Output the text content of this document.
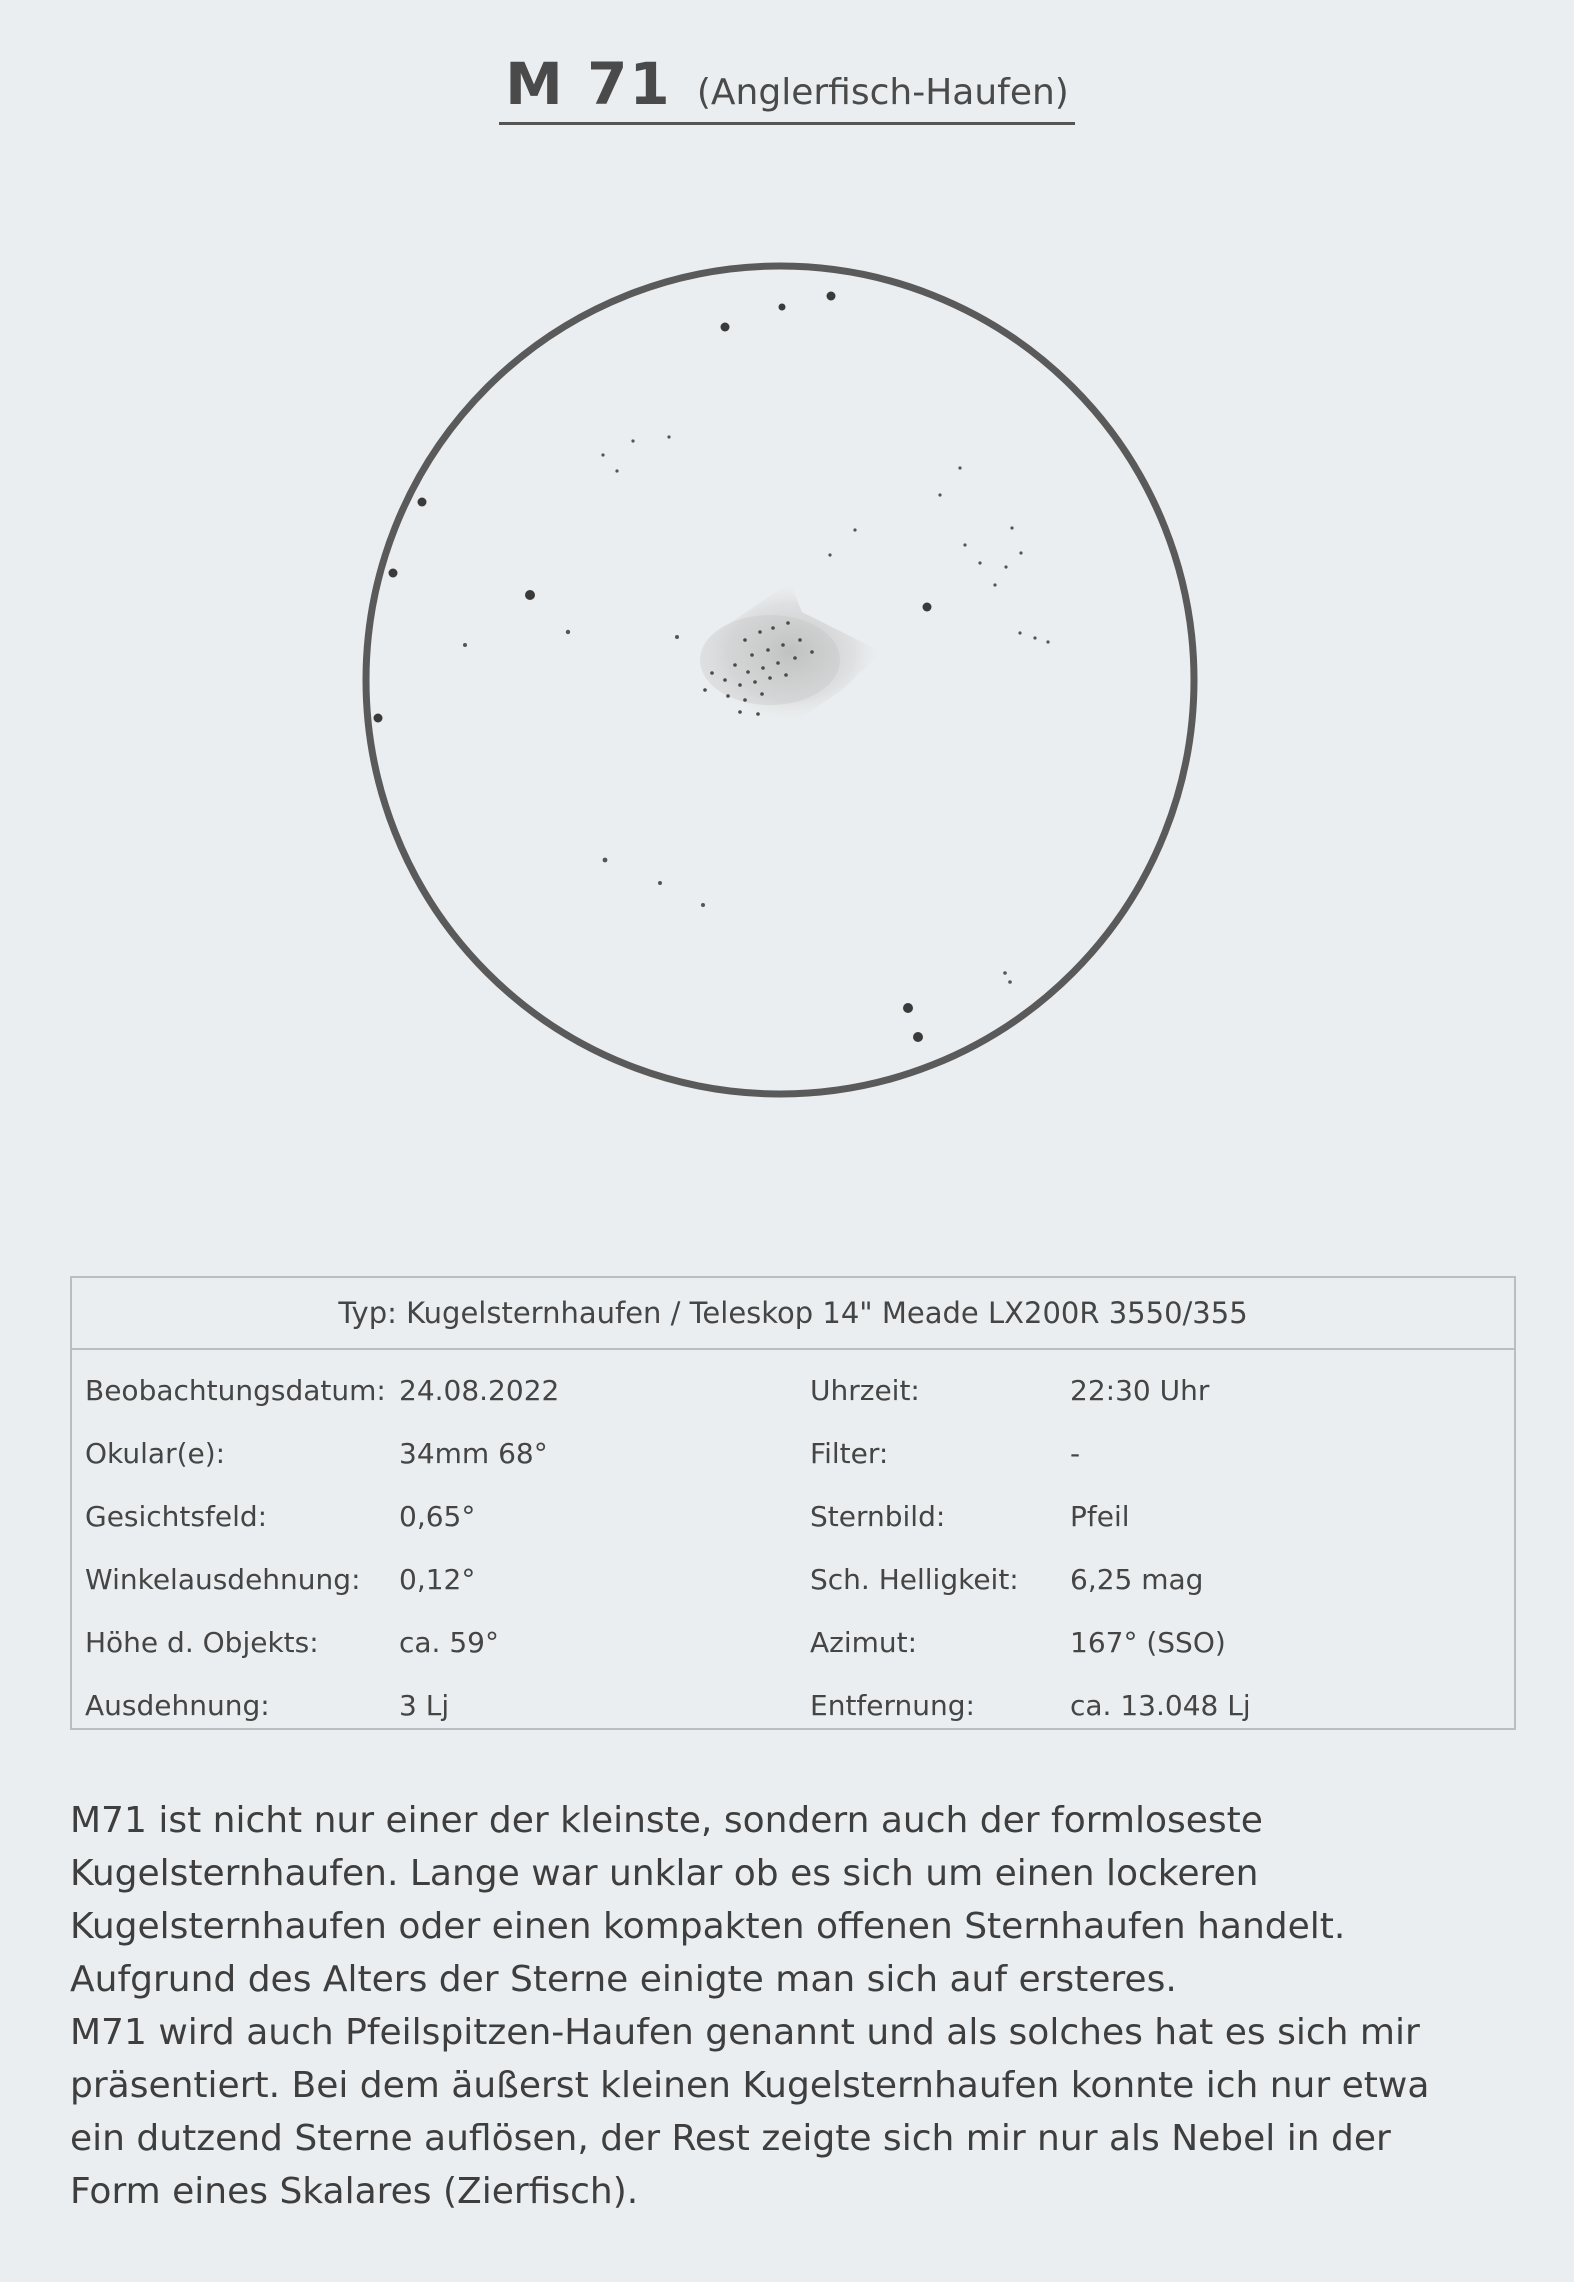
M 71 (Anglerfisch-Haufen)
Typ: Kugelsternhaufen / Teleskop 14" Meade LX200R 3550/355
Beobachtungsdatum: 24.08.2022	Uhrzeit:	22:30 Uhr
Okular(e):	34mm 68°	Filter:	-
Gesichtsfeld:	0,65°	Sternbild:	Pfeil
Winkelausdehnung: 0,12°	Sch. Helligkeit: 6,25 mag
Höhe d. Objekts:	ca. 59°	Azimut:	167° (SSO)
Ausdehnung:	3 Lj	Entfernung:	ca. 13.048 Lj

M71 ist nicht nur einer der kleinste, sondern auch der formloseste

Kugelsternhaufen. Lange war unklar ob es sich um einen lockeren

Kugelsternhaufen oder einen kompakten offenen Sternhaufen handelt.

Aufgrund des Alters der Sterne einigte man sich auf ersteres.

M71 wird auch Pfeilspitzen-Haufen genannt und als solches hat es sich mir

präsentiert. Bei dem äußerst kleinen Kugelsternhaufen konnte ich nur etwa

ein dutzend Sterne auflösen, der Rest zeigte sich mir nur als Nebel in der

Form eines Skalares (Zierfisch).
